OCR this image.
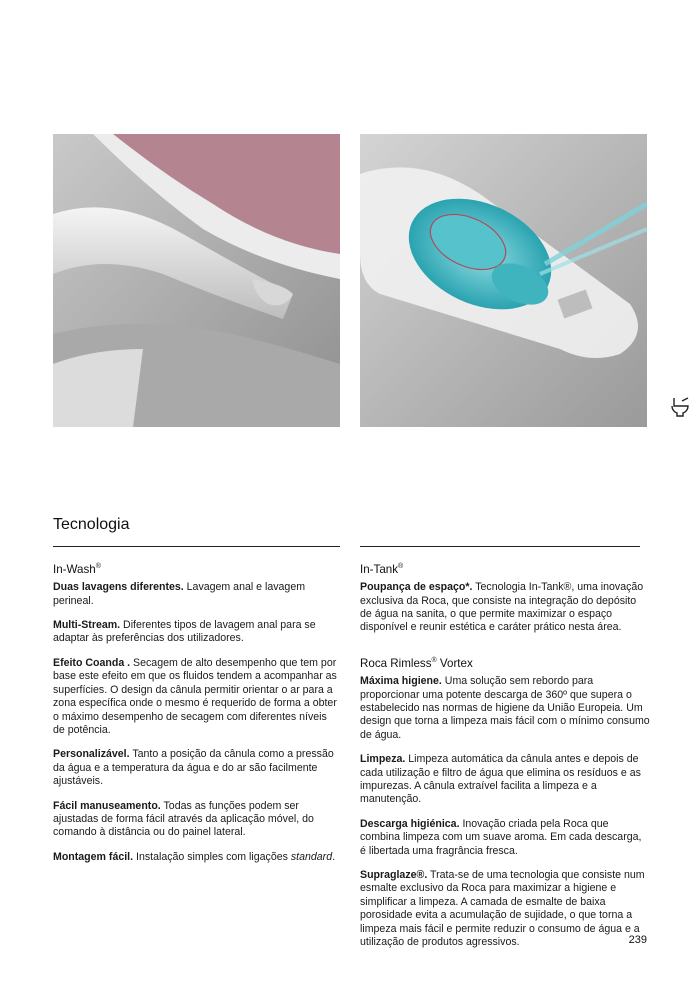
Tecnologia
In-Wash®

Duas lavagens diferentes. Lavagem anal e lavagem perineal.

Multi-Stream. Diferentes tipos de lavagem anal para se adaptar às preferências dos utilizadores.

Efeito Coanda . Secagem de alto desempenho que tem por base este efeito em que os fluidos tendem a acompanhar as superfícies. O design da cânula permitir orientar o ar para a zona específica onde o mesmo é requerido de forma a obter o máximo desempenho de secagem com diferentes níveis de potência.

Personalizável. Tanto a posição da cânula como a pressão da água e a temperatura da água e do ar são facilmente ajustáveis.

Fácil manuseamento. Todas as funções podem ser ajustadas de forma fácil através da aplicação móvel, do comando à distância ou do painel lateral.

Montagem fácil. Instalação simples com ligações standard.

In-Tank®

Poupança de espaço*. Tecnologia In-Tank®, uma inovação exclusiva da Roca, que consiste na integração do depósito de água na sanita, o que permite maximizar o espaço disponível e reunir estética e caráter prático nesta área.

Roca Rimless® Vortex

Máxima higiene. Uma solução sem rebordo para proporcionar uma potente descarga de 360º que supera o estabelecido nas normas de higiene da União Europeia. Um design que torna a limpeza mais fácil com o mínimo consumo de água.

Limpeza. Limpeza automática da cânula antes e depois de cada utilização e filtro de água que elimina os resíduos e as impurezas. A cânula extraível facilita a limpeza e a manutenção.

Descarga higiénica. Inovação criada pela Roca que combina limpeza com um suave aroma. Em cada descarga, é libertada uma fragrância fresca.

Supraglaze®. Trata-se de uma tecnologia que consiste num esmalte exclusivo da Roca para maximizar a higiene e simplificar a limpeza. A camada de esmalte de baixa porosidade evita a acumulação de sujidade, o que torna a limpeza mais fácil e permite reduzir o consumo de água e a utilização de produtos agressivos.	239
